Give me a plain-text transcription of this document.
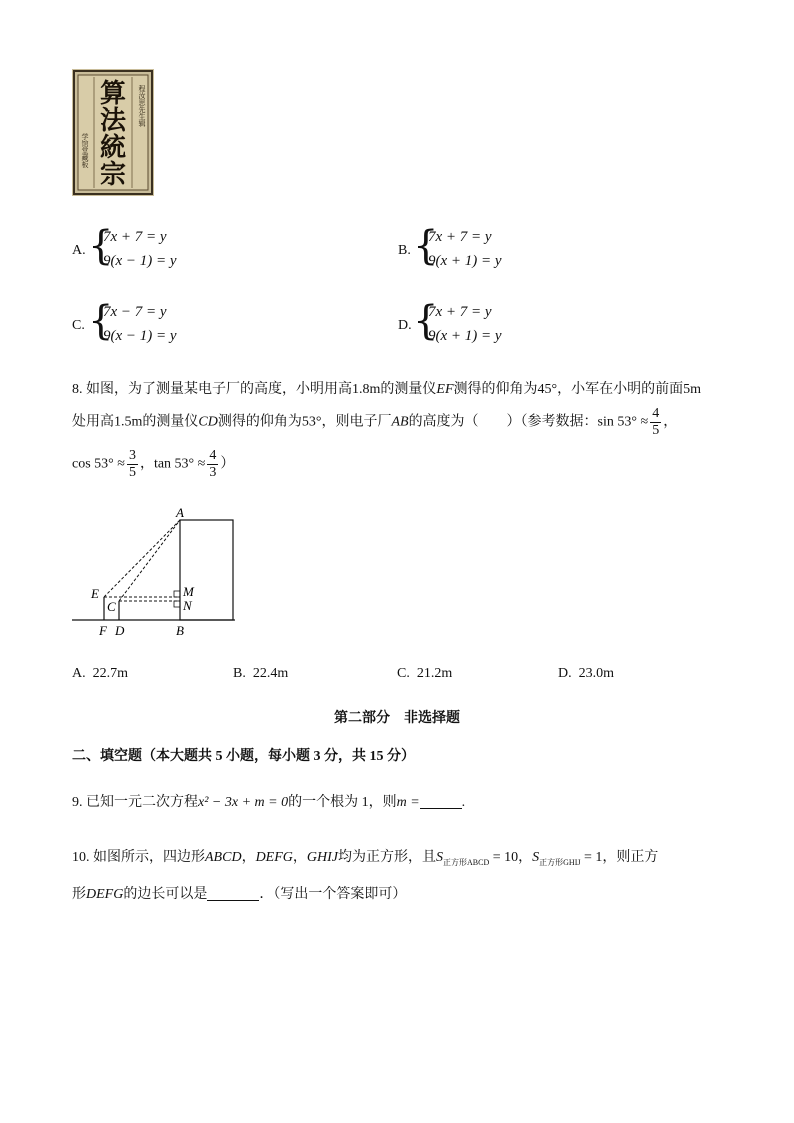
算
法
統
宗
程汝思先生辑
学馆堂藏板
A. {
7x + 7 = y
9(x − 1) = y
B. {
7x + 7 = y
9(x + 1) = y
C. {
7x − 7 = y
9(x − 1) = y
D. {
7x + 7 = y
9(x + 1) = y
8. 如图，为了测量某电子厂的高度，小明用高1.8m的测量仪EF测得的仰角为45°，小军在小明的前面5m
处用高1.5m的测量仪CD测得的仰角为53°，则电子厂AB的高度为（　　）（参考数据：$\sin 53^\circ \approx \frac{4}{5}$ ，
$\cos 53^\circ \approx \frac{3}{5}$ ，$\tan 53^\circ \approx \frac{4}{3}$ ）
A
E
C
M
N
F D	B
A. 22.7m	B. 22.4m	C. 21.2m	D. 23.0m
第二部分　非选择题
二、填空题（本大题共 5 小题，每小题 3 分，共 15 分）
9. 已知一元二次方程x² − 3x + m = 0的一个根为 1，则m =	.
10. 如图所示，四边形ABCD，DEFG，GHIJ均为正方形，且$S_{正方形ABCD} = 10$，$S_{正方形GHIJ} = 1$，则正方
形DEFG的边长可以是	．（写出一个答案即可）
